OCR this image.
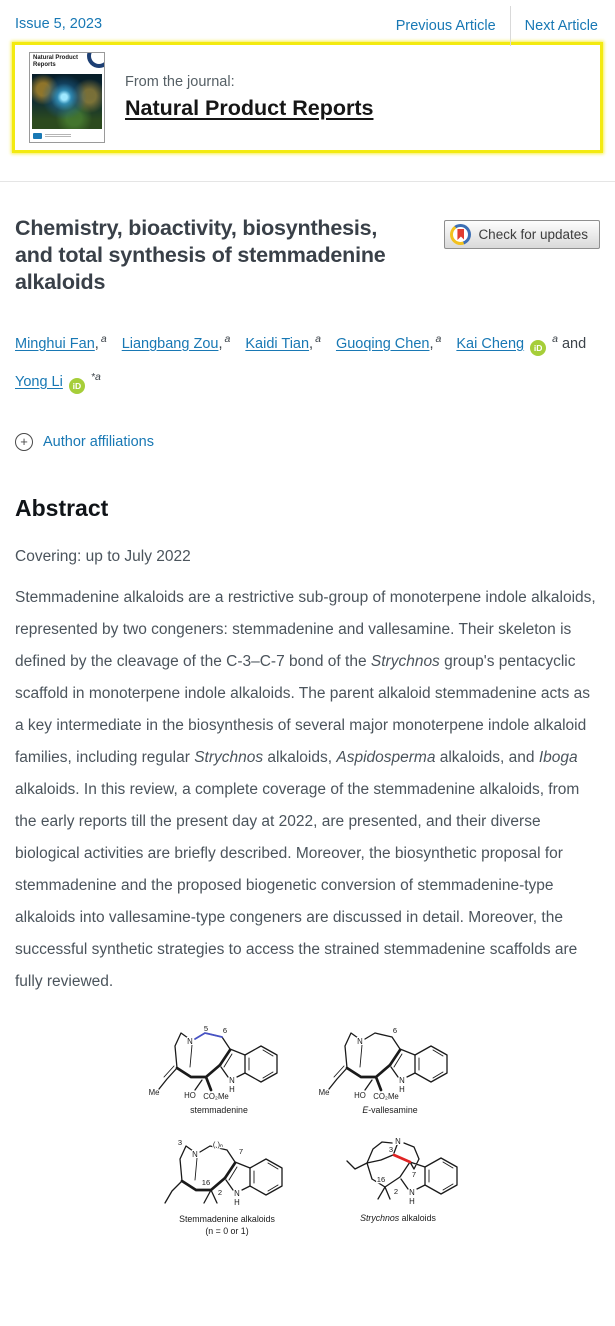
Issue 5, 2023	Previous Article	Next Article
Natural Product Reports

From the journal:

Natural Product Reports
Chemistry, bioactivity, biosynthesis, and total synthesis of stemmadenine alkaloids
Check for updates
Minghui Fan, $^a$ Liangbang Zou, $^a$ Kaidi Tian, $^a$ Guoqing Chen, $^a$ Kai Cheng iD$^a$ and Yong Li iD$^{*a}$
+	Author affiliations
Abstract

Covering: up to July 2022

Stemmadenine alkaloids are a restrictive sub-group of monoterpene indole alkaloids, represented by two congeners: stemmadenine and vallesamine. Their skeleton is defined by the cleavage of the C-3–C-7 bond of the Strychnos group's pentacyclic scaffold in monoterpene indole alkaloids. The parent alkaloid stemmadenine acts as a key intermediate in the biosynthesis of several major monoterpene indole alkaloid families, including regular Strychnos alkaloids, Aspidosperma alkaloids, and Iboga alkaloids. In this review, a complete coverage of the stemmadenine alkaloids, from the early reports till the present day at 2022, are presented, and their diverse biological activities are briefly described. Moreover, the biosynthetic proposal for stemmadenine and the proposed biogenetic conversion of stemmadenine-type alkaloids into vallesamine-type congeners are discussed in detail. Moreover, the successful synthetic strategies to access the strained stemmadenine scaffolds are fully reviewed.

5
N
3	( )ₙ
7
16
2
N
N
H
3
7
16
2
stemmadenine	E-vallesamine
Stemmadenine alkaloids
(n = 0 or 1)
Strychnos alkaloids
